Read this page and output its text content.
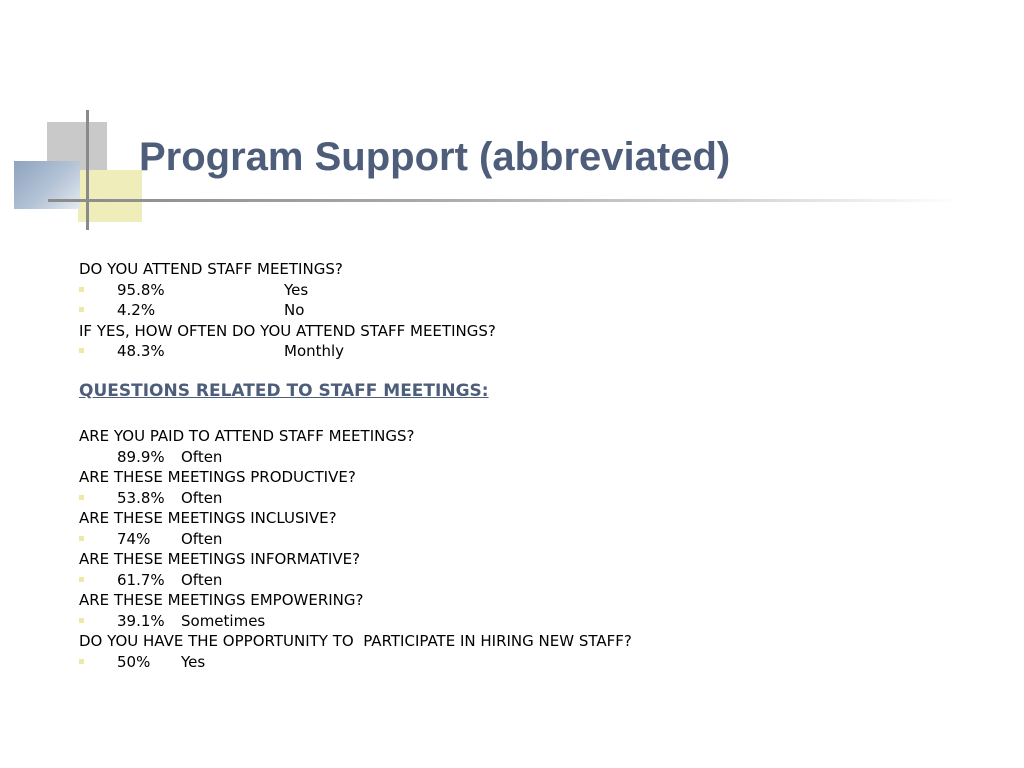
Program Support (abbreviated)
DO YOU ATTEND STAFF MEETINGS?
95.8%	Yes
4.2%	No
IF YES, HOW OFTEN DO YOU ATTEND STAFF MEETINGS?
48.3%	Monthly
QUESTIONS RELATED TO STAFF MEETINGS:
ARE YOU PAID TO ATTEND STAFF MEETINGS?
89.9% Often
ARE THESE MEETINGS PRODUCTIVE?
53.8% Often
ARE THESE MEETINGS INCLUSIVE?
74% Often
ARE THESE MEETINGS INFORMATIVE?
61.7% Often
ARE THESE MEETINGS EMPOWERING?
39.1% Sometimes
DO YOU HAVE THE OPPORTUNITY TO  PARTICIPATE IN HIRING NEW STAFF?
50% Yes
